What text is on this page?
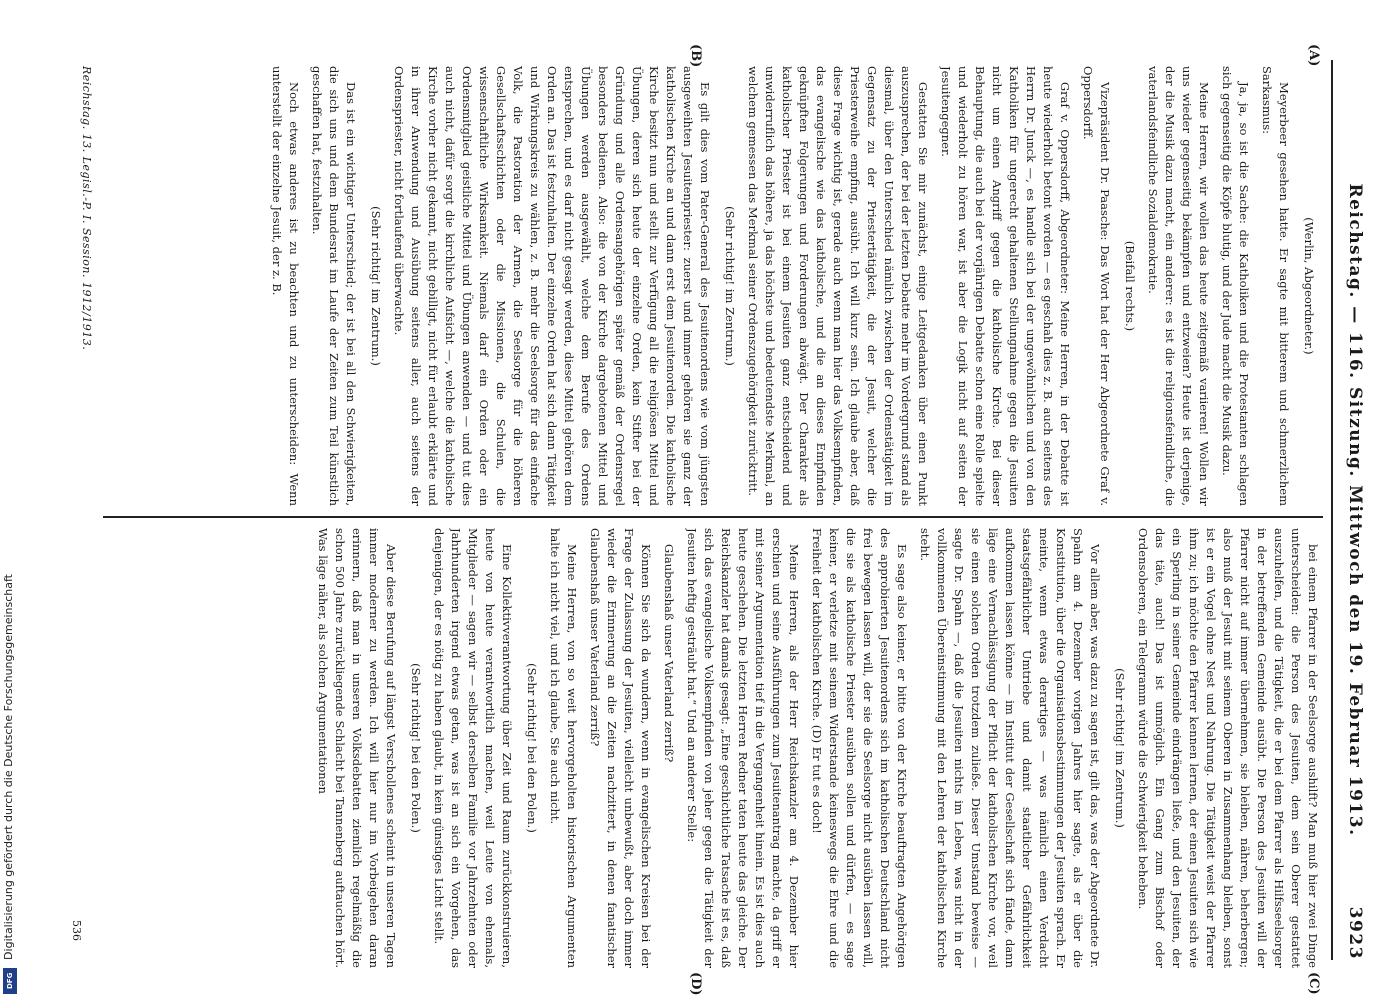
Reichstag. — 116. Sitzung. Mittwoch den 19. Februar 1913.
3923
(A)
(B)
(C)
(D)

(Werlin, Abgeordneter.)

Meyerbeer gesehen hatte. Er sagte mit bitterem und schmerzlichem Sarkasmus:

Ja, ja, so ist die Sache: die Katholiken und die Protestanten schlagen sich gegenseitig die Köpfe blutig, und der Jude macht die Musik dazu.

Meine Herren, wir wollen das heute zeitgemäß variieren! Wollen wir uns wieder gegenseitig bekämpfen und entzweien? Heute ist derjenige, der die Musik dazu macht, ein anderer: es ist die religionsfeindliche, die vaterlandsfeindliche Sozialdemokratie.

(Beifall rechts.)

Vizepräsident Dr. Paasche: Das Wort hat der Herr Abgeordnete Graf v. Oppersdorff.

Graf v. Oppersdorff, Abgeordneter: Meine Herren, in der Debatte ist heute wiederholt betont worden — es geschah dies z. B. auch seitens des Herrn Dr. Junck —, es handle sich bei der ungewöhnlichen und von den Katholiken für ungerecht gehaltenen Stellungnahme gegen die Jesuiten nicht um einen Angriff gegen die katholische Kirche. Bei dieser Behauptung, die auch bei der vorjährigen Debatte schon eine Rolle spielte und wiederholt zu hören war, ist aber die Logik nicht auf seiten der Jesuitengegner.

Gestatten Sie mir zunächst, einige Leitgedanken über einen Punkt auszusprechen, der bei der letzten Debatte mehr im Vordergrund stand als diesmal, über den Unterschied nämlich zwischen der Ordenstätigkeit im Gegensatz zu der Priestertätigkeit, die der Jesuit, welcher die Priesterweihe empfing, ausübt. Ich will kurz sein. Ich glaube aber, daß diese Frage wichtig ist, gerade auch wenn man hier das Volksempfinden, das evangelische wie das katholische, und die an dieses Empfinden geknüpften Folgerungen und Forderungen abwägt. Der Charakter als katholischer Priester ist bei einem Jesuiten ganz entscheidend und unwiderruflich das höhere, ja das höchste und bedeutendste Merkmal, an welchem gemessen das Merkmal seiner Ordenszugehörigkeit zurücktritt.

(Sehr richtig! im Zentrum.)

Es gilt dies vom Pater-General des Jesuitenordens wie vom jüngsten ausgeweihten Jesuitenpriester: zuerst und immer gehören sie ganz der katholischen Kirche an und dann erst dem Jesuitenorden. Die katholische Kirche besitzt nun und stellt zur Verfügung all die religiösen Mittel und Übungen, deren sich heute der einzelne Orden, kein Stifter bei der Gründung und alle Ordensangehörigen später gemäß der Ordensregel besonders bedienen. Also: die von der Kirche dargebotenen Mittel und Übungen werden ausgewählt, welche dem Berufe des Ordens entsprechen, und es darf nicht gesagt werden, diese Mittel gehören dem Orden an. Das ist festzuhalten. Der einzelne Orden hat sich dann Tätigkeit und Wirkungskreis zu wählen, z. B. mehr die Seelsorge für das einfache Volk, die Pastoration der Armen, die Seelsorge für die höheren Gesellschaftsschichten oder die Missionen, die Schulen, die wissenschaftliche Wirksamkeit. Niemals darf ein Orden oder ein Ordensmitglied geistliche Mittel und Übungen anwenden — und tut dies auch nicht, dafür sorgt die kirchliche Aufsicht —, welche die katholische Kirche vorher nicht gekannt, nicht gebilligt, nicht für erlaubt erklärte und in ihrer Anwendung und Ausübung seitens aller, auch seitens der Ordenspriester, nicht fortlaufend überwachte.

(Sehr richtig! im Zentrum.)

Das ist ein wichtiger Unterschied; der ist bei all den Schwierigkeiten, die sich uns und dem Bundesrat im Laufe der Zeiten zum Teil künstlich geschaffen hat, festzuhalten.

Noch etwas anderes ist zu beachten und zu unterscheiden: Wenn unterstellt der einzelne Jesuit, der z. B.

bei einem Pfarrer in der Seelsorge aushilft? Man muß hier zwei Dinge unterscheiden: die Person des Jesuiten, dem sein Oberer gestattet auszuhelfen, und die Tätigkeit, die er bei dem Pfarrer als Hilfsseelsorger in der betreffenden Gemeinde ausübt. Die Person des Jesuiten will der Pfarrer nicht auf immer übernehmen, sie bleiben, nähren, beherbergen; also muß der Jesuit mit seinem Oberen in Zusammenhang bleiben, sonst ist er ein Vogel ohne Nest und Nahrung. Die Tätigkeit weist der Pfarrer ihm zu; ich möchte den Pfarrer kennen lernen, der einen Jesuiten sich wie ein Sperling in seiner Gemeinde eindrängen ließe, und den Jesuiten, der das täte, auch! Das ist unmöglich. Ein Gang zum Bischof oder Ordensoberen, ein Telegramm würde die Schwierigkeit beheben.

(Sehr richtig! im Zentrum.)

Vor allem aber, was dazu zu sagen ist, gilt das, was der Abgeordnete Dr. Spahn am 4. Dezember vorigen Jahres hier sagte, als er über die Konstitution, über die Organisationsbestimmungen der Jesuiten sprach. Er meinte, wenn etwas derartiges — was nämlich einen Verdacht staatsgefährlicher Umtriebe und damit staatlicher Gefährlichkeit aufkommen lassen könne — im Institut der Gesellschaft sich fände, dann läge eine Vernachlässigung der Pflicht der katholischen Kirche vor, weil sie einen solchen Orden trotzdem zuließe. Dieser Umstand beweise — sagte Dr. Spahn —, daß die Jesuiten nichts im Leben, was nicht in der vollkommenen Übereinstimmung mit den Lehren der katholischen Kirche steht.

Es sage also keiner, er bitte von der Kirche beauftragten Angehörigen des approbierten Jesuitenordens sich im katholischen Deutschland nicht frei bewegen lassen will, der sie die Seelsorge nicht ausüben lassen will, die sie als katholische Priester ausüben sollen und dürfen, — es sage keiner, er verletze mit seinem Widerstande keineswegs die Ehre und die Freiheit der katholischen Kirche. (D) Er tut es doch!

Meine Herren, als der Herr Reichskanzler am 4. Dezember hier erschien und seine Ausführungen zum Jesuitenantrag machte, da griff er mit seiner Argumentation tief in die Vergangenheit hinein. Es ist dies auch heute geschehen. Die letzten Herren Redner taten heute das gleiche. Der Reichskanzler hat damals gesagt: „Eine geschichtliche Tatsache ist es, daß sich das evangelische Volksempfinden von jeher gegen die Tätigkeit der Jesuiten heftig gesträubt hat.“ Und an anderer Stelle:

Glaubenshaß unser Vaterland zerriß?

Können Sie sich da wundern, wenn in evangelischen Kreisen bei der Frage der Zulassung der Jesuiten, vielleicht unbewußt, aber doch immer wieder die Erinnerung an die Zeiten nachzittert, in denen fanatischer Glaubenshaß unser Vaterland zerriß?

Meine Herren, von so weit hervorgeholten historischen Argumenten halte ich nicht viel, und ich glaube, Sie auch nicht.

(Sehr richtig! bei den Polen.)

Eine Kollektivverantwortung über Zeit und Raum zurückkonstruieren, heute von heute verantwortlich machen, weil Leute von ehemals, Mitglieder — sagen wir — selbst derselben Familie vor Jahrzehnten oder Jahrhunderten irgend etwas getan, was ist an sich ein Vorgehen, das denjenigen, der es nötig zu haben glaubt, in kein günstiges Licht stellt.

(Sehr richtig! bei den Polen.)

Aber diese Berufung auf längst Verschollenes scheint in unseren Tagen immer moderner zu werden. Ich will hier nur im Vorbeigehen daran erinnern, daß man in unseren Volksdebatten ziemlich regelmäßig die schon 500 Jahre zurückliegende Schlacht bei Tannenberg auftauchen hört. Was läge näher, als solchen Argumentationen

Reichstag. 13. Legisl.-P. I. Session. 1912/1913.
536
Digitalisierung gefördert durch die Deutsche Forschungsgemeinschaft
DFG
